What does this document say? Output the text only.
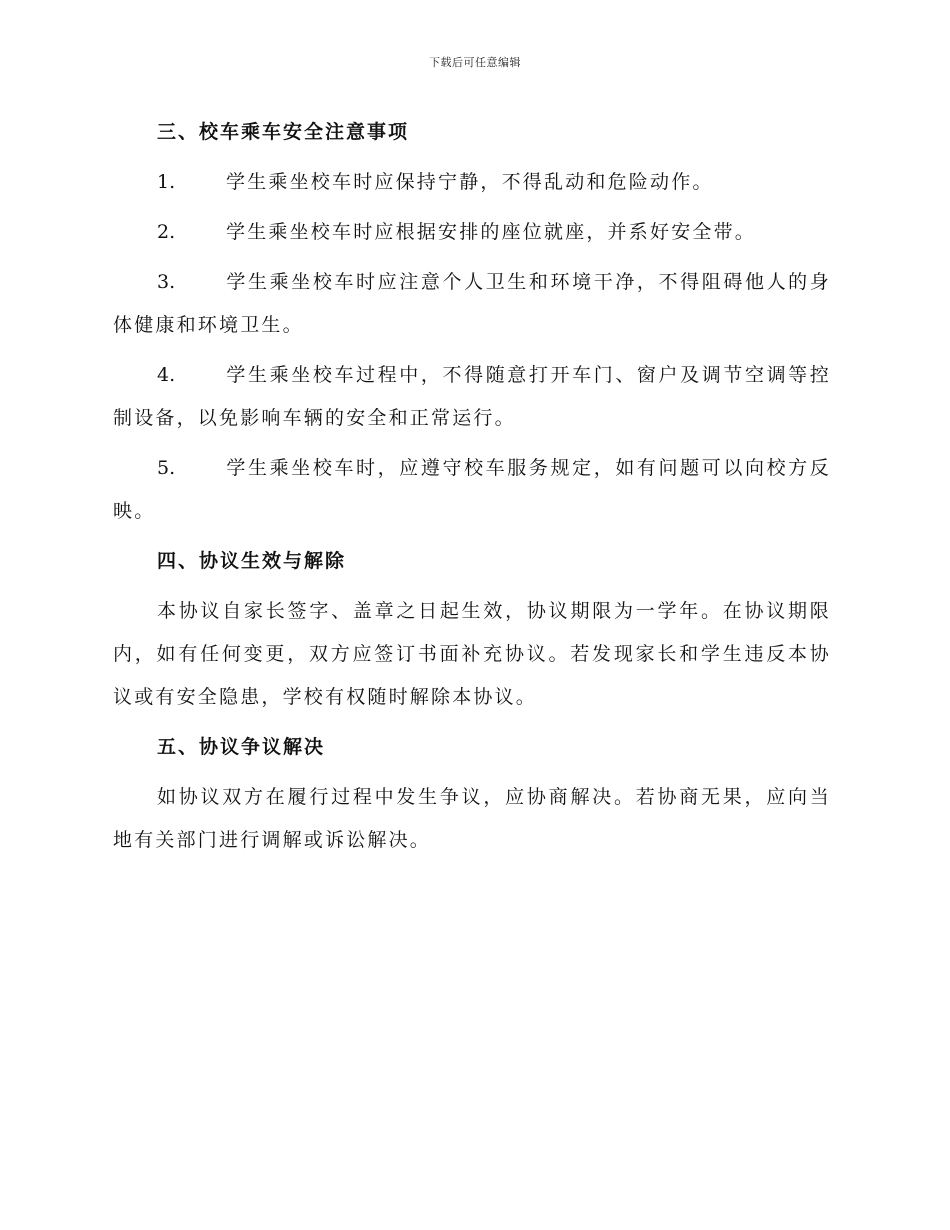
下载后可任意编辑
三、校车乘车安全注意事项
1.	学生乘坐校车时应保持宁静，不得乱动和危险动作。
2.	学生乘坐校车时应根据安排的座位就座，并系好安全带。
3.	学生乘坐校车时应注意个人卫生和环境干净，不得阻碍他人的身体健康和环境卫生。
4.	学生乘坐校车过程中，不得随意打开车门、窗户及调节空调等控制设备，以免影响车辆的安全和正常运行。
5.	学生乘坐校车时，应遵守校车服务规定，如有问题可以向校方反映。
四、协议生效与解除
本协议自家长签字、盖章之日起生效，协议期限为一学年。在协议期限内，如有任何变更，双方应签订书面补充协议。若发现家长和学生违反本协议或有安全隐患，学校有权随时解除本协议。
五、协议争议解决
如协议双方在履行过程中发生争议，应协商解决。若协商无果，应向当地有关部门进行调解或诉讼解决。
